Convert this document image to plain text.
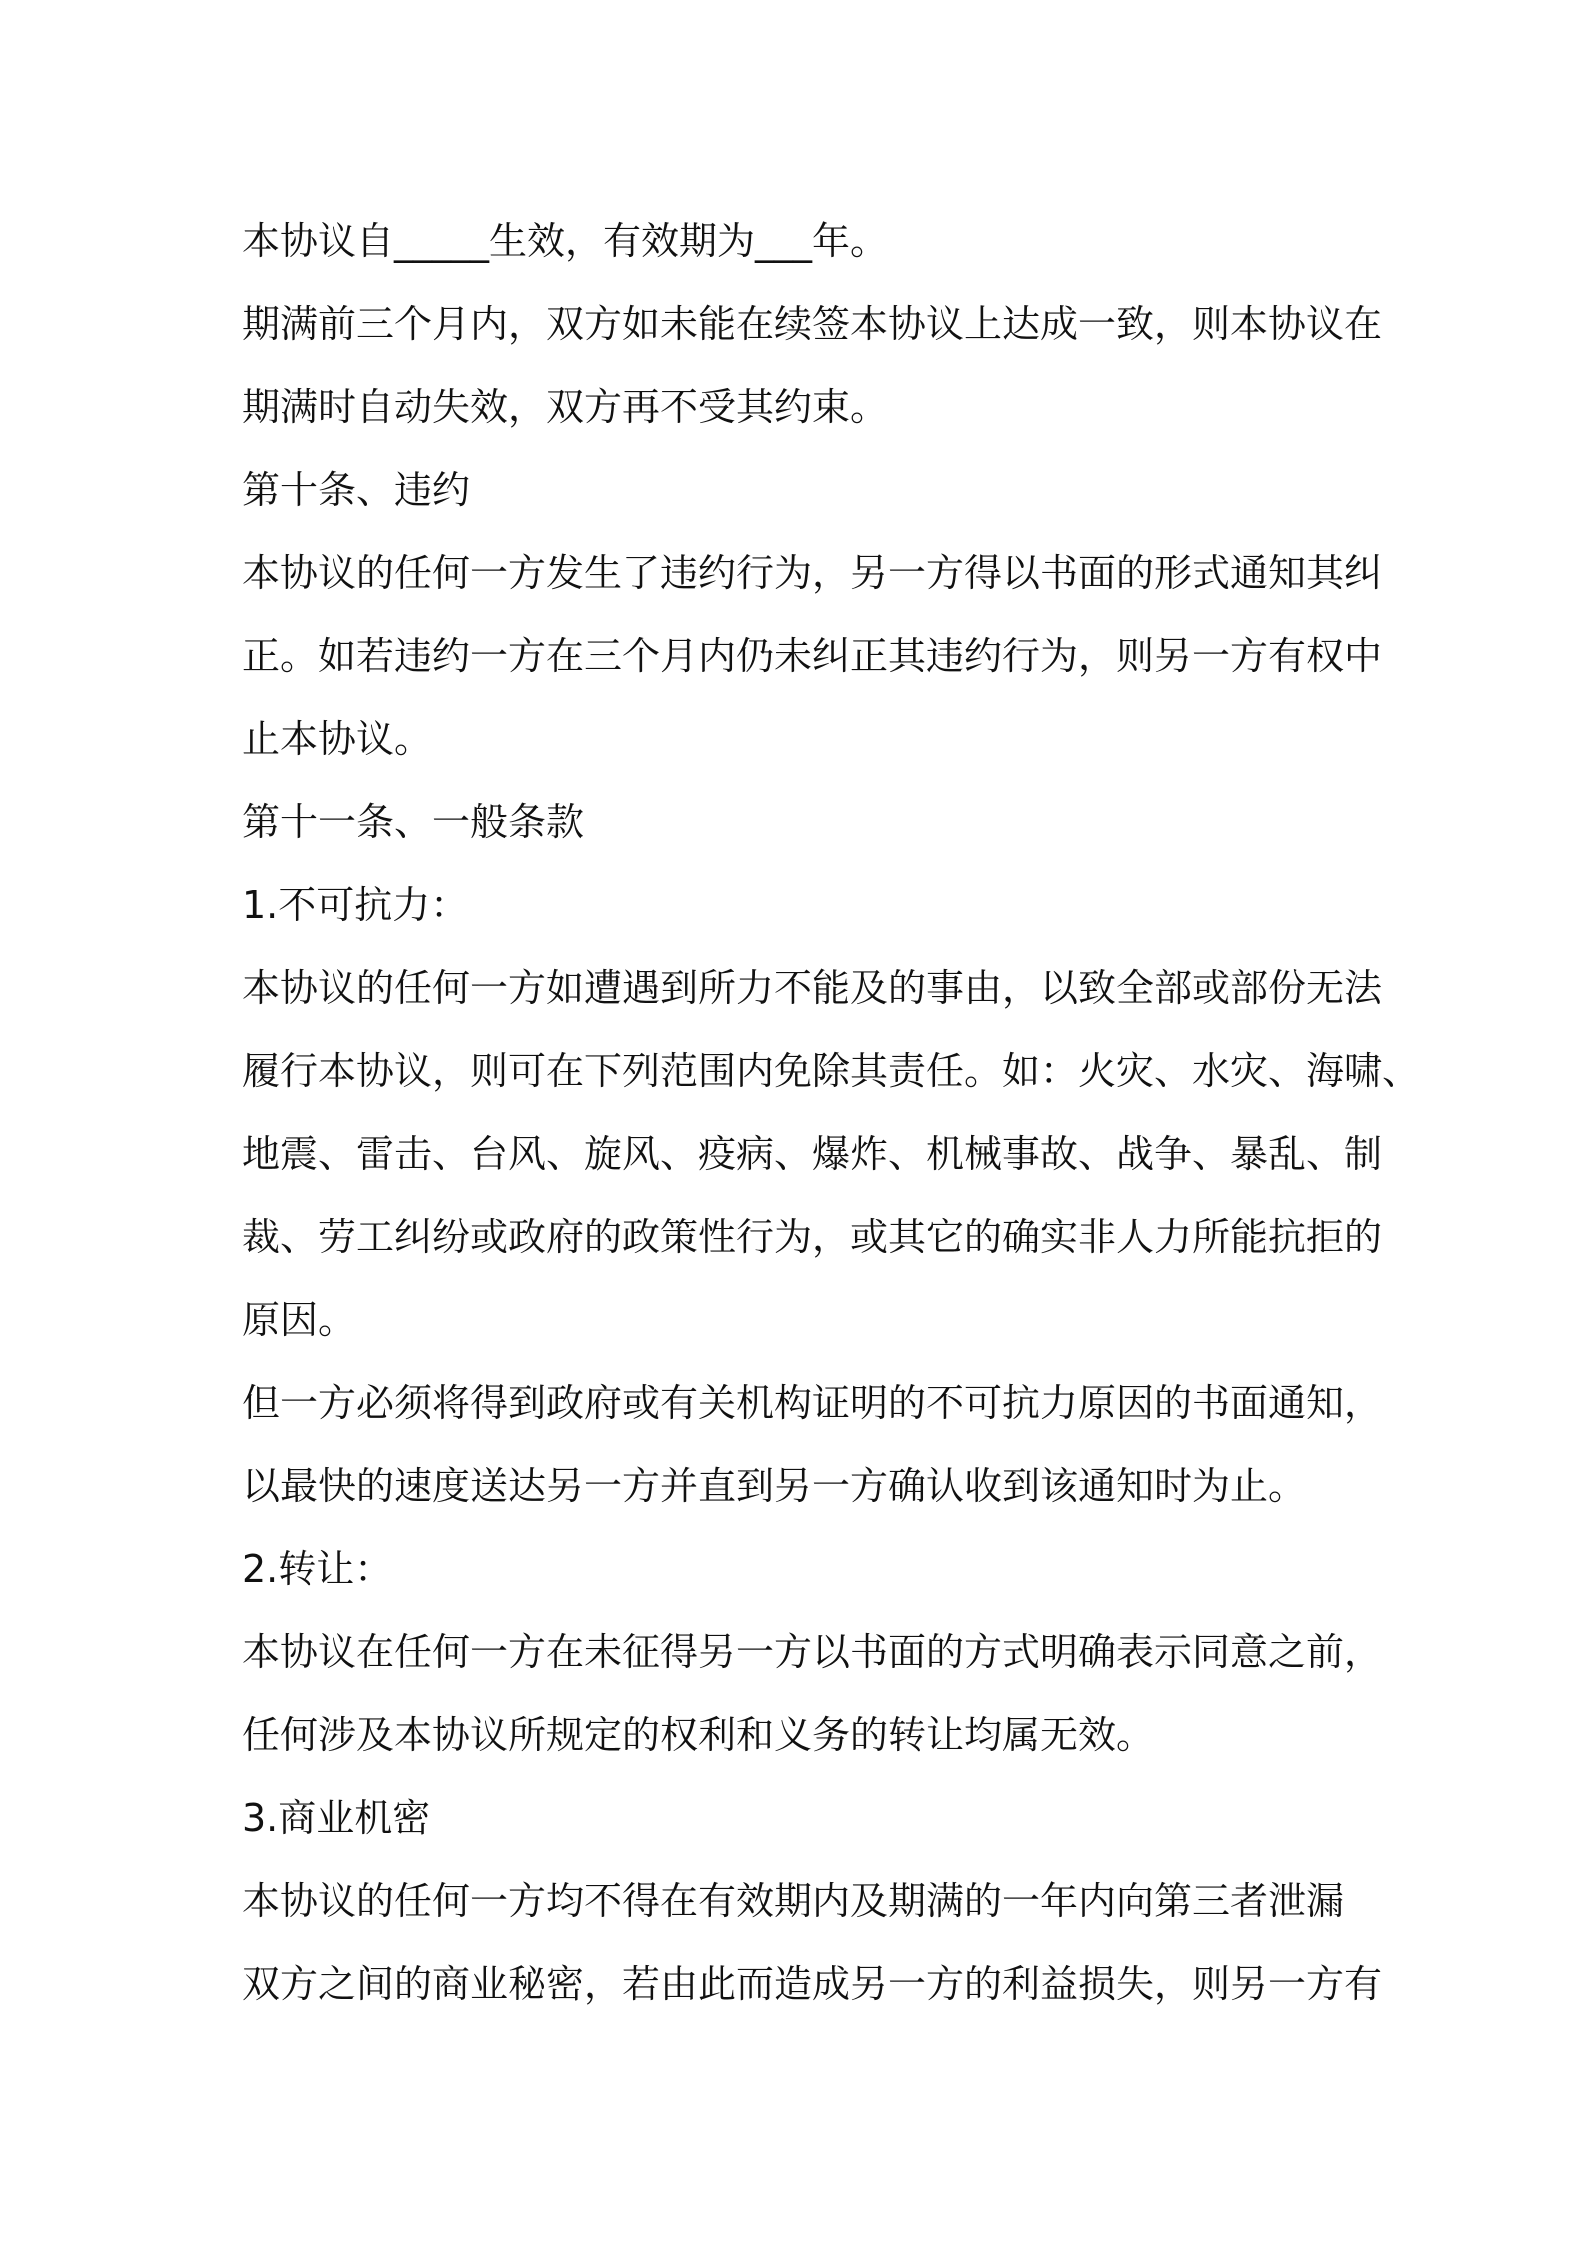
本协议自_____生效，有效期为___年。
期满前三个月内，双方如未能在续签本协议上达成一致，则本协议在
期满时自动失效，双方再不受其约束。
第十条、违约
本协议的任何一方发生了违约行为，另一方得以书面的形式通知其纠
正。如若违约一方在三个月内仍未纠正其违约行为，则另一方有权中
止本协议。
第十一条、一般条款
1.不可抗力：
本协议的任何一方如遭遇到所力不能及的事由，以致全部或部份无法
履行本协议，则可在下列范围内免除其责任。如：火灾、水灾、海啸、
地震、雷击、台风、旋风、疫病、爆炸、机械事故、战争、暴乱、制
裁、劳工纠纷或政府的政策性行为，或其它的确实非人力所能抗拒的
原因。
但一方必须将得到政府或有关机构证明的不可抗力原因的书面通知，
以最快的速度送达另一方并直到另一方确认收到该通知时为止。
2.转让：
本协议在任何一方在未征得另一方以书面的方式明确表示同意之前，
任何涉及本协议所规定的权利和义务的转让均属无效。
3.商业机密
本协议的任何一方均不得在有效期内及期满的一年内向第三者泄漏
双方之间的商业秘密，若由此而造成另一方的利益损失，则另一方有
